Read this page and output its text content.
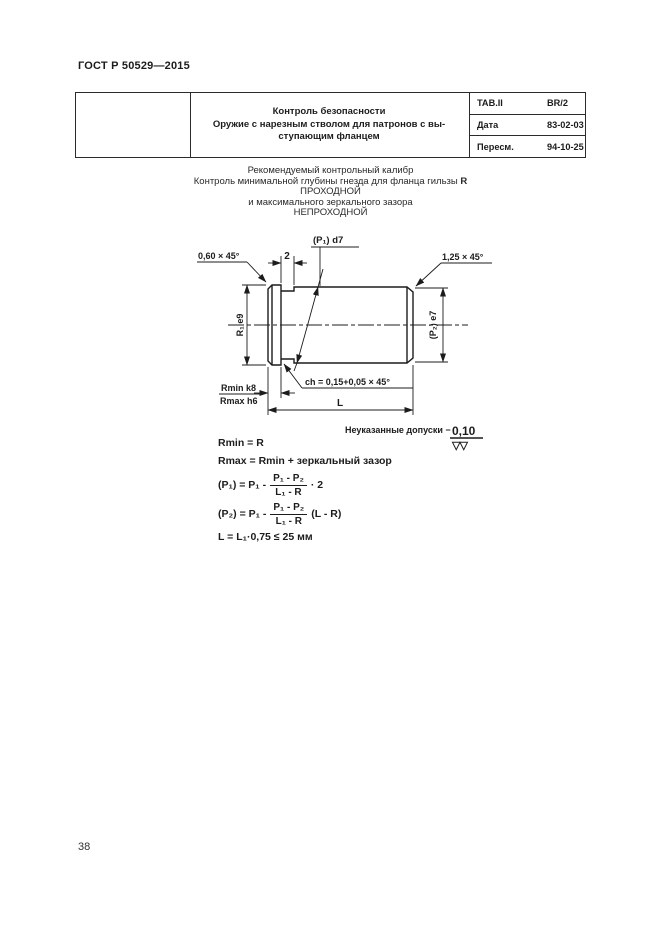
ГОСТ Р 50529—2015
Контроль безопасности
Оружие с нарезным стволом для патронов с вы-
ступающим фланцем
TAB.II	BR/2
Дата	83-02-03
Пересм.	94-10-25
Рекомендуемый контрольный калибр
Контроль минимальной глубины гнезда для фланца гильзы R
ПРОХОДНОЙ
и максимального зеркального зазора
НЕПРОХОДНОЙ
R₁ e9
2
(P₁) d7
(P₂) e7
0,60 × 45°	1,25 × 45°
ch = 0,15+0,05 × 45°
Rmin k8
Rmax h6	L
Неуказанные допуски − 0,10
▽▽
Rmin = R
Rmax = Rmin + зеркальный зазор
$(P_1) = P_1 - \frac{\text{P₁ - P₂}}{\text{L₁ - R}} \cdot 2$
$(P_2) = P_1 - \frac{\text{P₁ - P₂}}{\text{L₁ - R}} (L - R)$
L = L₁·0,75 ≤ 25 мм
38
